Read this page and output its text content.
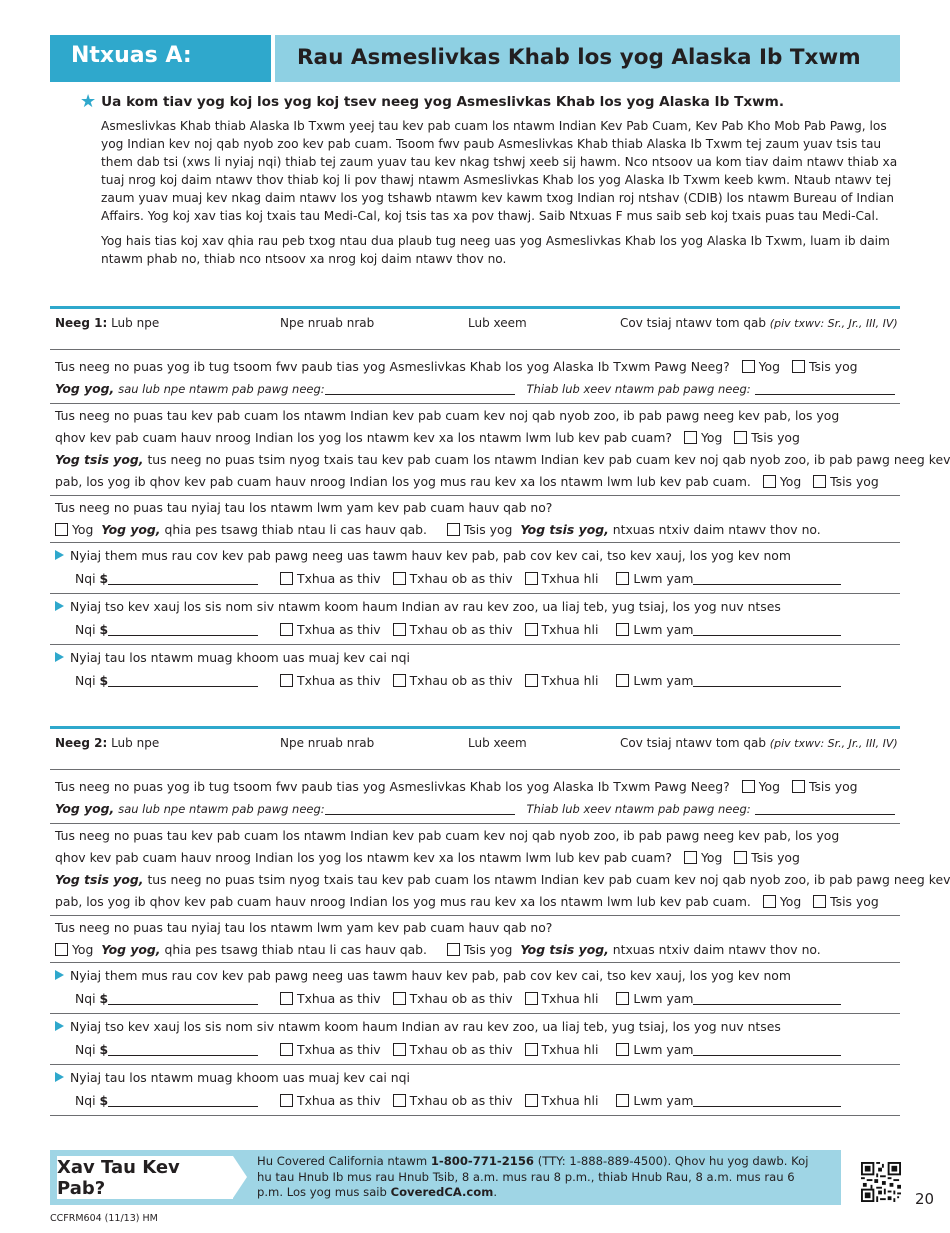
Ntxuas A:	Rau Asmeslivkas Khab los yog Alaska Ib Txwm
★ Ua kom tiav yog koj los yog koj tsev neeg yog Asmeslivkas Khab los yog Alaska Ib Txwm.
Asmeslivkas Khab thiab Alaska Ib Txwm yeej tau kev pab cuam los ntawm Indian Kev Pab Cuam, Kev Pab Kho Mob Pab Pawg, los yog Indian kev noj qab nyob zoo kev pab cuam. Tsoom fwv paub Asmeslivkas Khab thiab Alaska Ib Txwm tej zaum yuav tsis tau them dab tsi (xws li nyiaj nqi) thiab tej zaum yuav tau kev nkag tshwj xeeb sij hawm. Nco ntsoov ua kom tiav daim ntawv thiab xa tuaj nrog koj daim ntawv thov thiab koj li pov thawj ntawm Asmeslivkas Khab los yog Alaska Ib Txwm keeb kwm. Ntaub ntawv tej zaum yuav muaj kev nkag daim ntawv los yog tshawb ntawm kev kawm txog Indian roj ntshav (CDIB) los ntawm Bureau of Indian Affairs. Yog koj xav tias koj txais tau Medi-Cal, koj tsis tas xa pov thawj. Saib Ntxuas F mus saib seb koj txais puas tau Medi-Cal.
Yog hais tias koj xav qhia rau peb txog ntau dua plaub tug neeg uas yog Asmeslivkas Khab los yog Alaska Ib Txwm, luam ib daim ntawm phab no, thiab nco ntsoov xa nrog koj daim ntawv thov no.
Neeg 1: Lub npe	Npe nruab nrab	Lub xeem	Cov tsiaj ntawv tom qab (piv txwv: Sr., Jr., III, IV)
Tus neeg no puas yog ib tug tsoom fwv paub tias yog Asmeslivkas Khab los yog Alaska Ib Txwm Pawg Neeg? Yog Tsis yog
Yog yog, sau lub npe ntawm pab pawg neeg:	Thiab lub xeev ntawm pab pawg neeg:
Tus neeg no puas tau kev pab cuam los ntawm Indian kev pab cuam kev noj qab nyob zoo, ib pab pawg neeg kev pab, los yog
qhov kev pab cuam hauv nroog Indian los yog los ntawm kev xa los ntawm lwm lub kev pab cuam? Yog Tsis yog
Yog tsis yog, tus neeg no puas tsim nyog txais tau kev pab cuam los ntawm Indian kev pab cuam kev noj qab nyob zoo, ib pab pawg neeg kev
pab, los yog ib qhov kev pab cuam hauv nroog Indian los yog mus rau kev xa los ntawm lwm lub kev pab cuam. Yog Tsis yog
Tus neeg no puas tau nyiaj tau los ntawm lwm yam kev pab cuam hauv qab no?
Yog Yog yog, qhia pes tsawg thiab ntau li cas hauv qab.	Tsis yog Yog tsis yog, ntxuas ntxiv daim ntawv thov no.
Nyiaj them mus rau cov kev pab pawg neeg uas tawm hauv kev pab, pab cov kev cai, tso kev xauj, los yog kev nom
Nqi $	Txhua as thiv Txhau ob as thiv Txhua hli	Lwm yam
Nyiaj tso kev xauj los sis nom siv ntawm koom haum Indian av rau kev zoo, ua liaj teb, yug tsiaj, los yog nuv ntses
Nqi $	Txhua as thiv Txhau ob as thiv Txhua hli	Lwm yam
Nyiaj tau los ntawm muag khoom uas muaj kev cai nqi
Nqi $	Txhua as thiv Txhau ob as thiv Txhua hli	Lwm yam
Neeg 2: Lub npe	Npe nruab nrab	Lub xeem	Cov tsiaj ntawv tom qab (piv txwv: Sr., Jr., III, IV)
Tus neeg no puas yog ib tug tsoom fwv paub tias yog Asmeslivkas Khab los yog Alaska Ib Txwm Pawg Neeg? Yog Tsis yog
Yog yog, sau lub npe ntawm pab pawg neeg:	Thiab lub xeev ntawm pab pawg neeg:
Tus neeg no puas tau kev pab cuam los ntawm Indian kev pab cuam kev noj qab nyob zoo, ib pab pawg neeg kev pab, los yog
qhov kev pab cuam hauv nroog Indian los yog los ntawm kev xa los ntawm lwm lub kev pab cuam? Yog Tsis yog
Yog tsis yog, tus neeg no puas tsim nyog txais tau kev pab cuam los ntawm Indian kev pab cuam kev noj qab nyob zoo, ib pab pawg neeg kev
pab, los yog ib qhov kev pab cuam hauv nroog Indian los yog mus rau kev xa los ntawm lwm lub kev pab cuam. Yog Tsis yog
Tus neeg no puas tau nyiaj tau los ntawm lwm yam kev pab cuam hauv qab no?
Yog Yog yog, qhia pes tsawg thiab ntau li cas hauv qab.	Tsis yog Yog tsis yog, ntxuas ntxiv daim ntawv thov no.
Nyiaj them mus rau cov kev pab pawg neeg uas tawm hauv kev pab, pab cov kev cai, tso kev xauj, los yog kev nom
Nqi $	Txhua as thiv Txhau ob as thiv Txhua hli	Lwm yam
Nyiaj tso kev xauj los sis nom siv ntawm koom haum Indian av rau kev zoo, ua liaj teb, yug tsiaj, los yog nuv ntses
Nqi $	Txhua as thiv Txhau ob as thiv Txhua hli	Lwm yam
Nyiaj tau los ntawm muag khoom uas muaj kev cai nqi
Nqi $	Txhua as thiv Txhau ob as thiv Txhua hli	Lwm yam
Xav Tau Kev Pab?
Hu Covered California ntawm 1-800-771-2156 (TTY: 1-888-889-4500). Qhov hu yog dawb. Koj hu tau Hnub Ib mus rau Hnub Tsib, 8 a.m. mus rau 8 p.m., thiab Hnub Rau, 8 a.m. mus rau 6 p.m. Los yog mus saib CoveredCA.com.	20
CCFRM604 (11/13) HM
